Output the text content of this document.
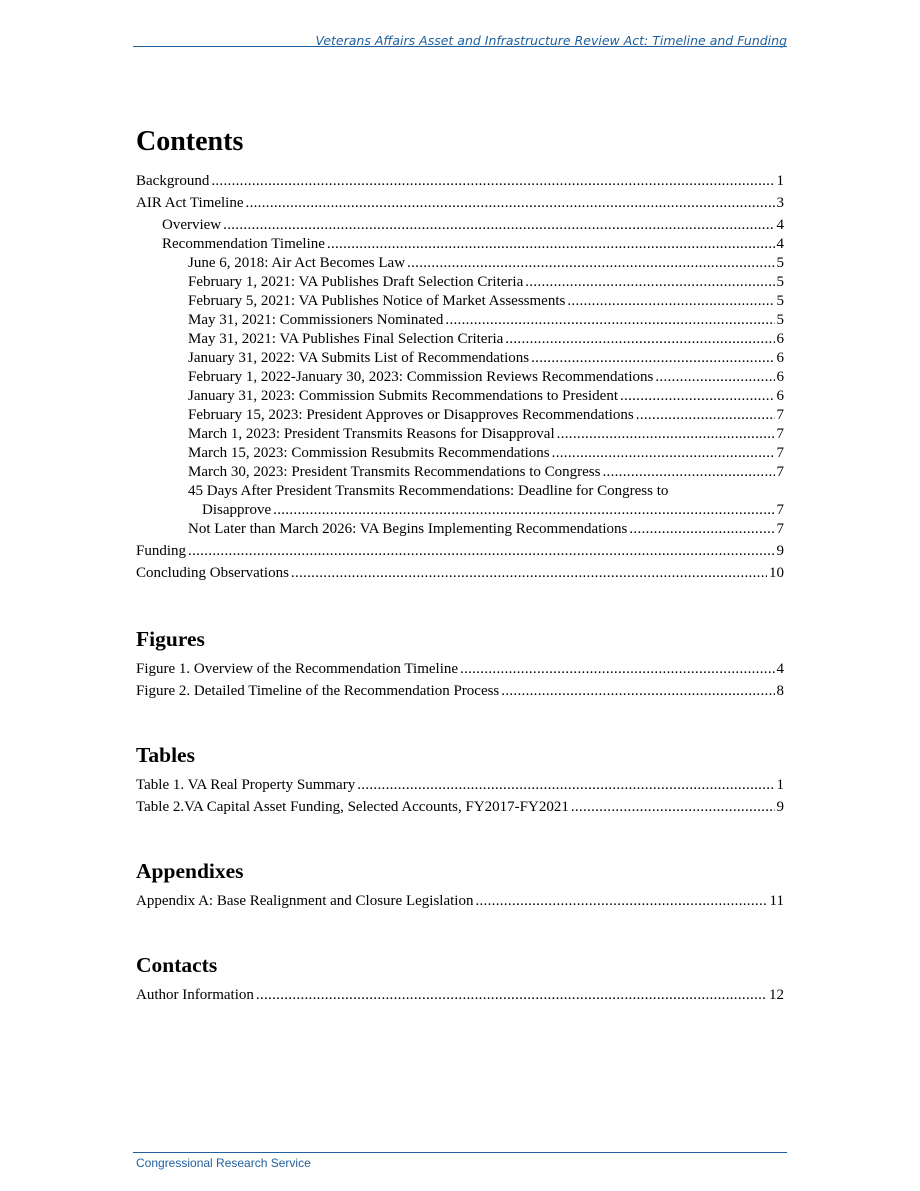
Veterans Affairs Asset and Infrastructure Review Act: Timeline and Funding
Contents
Background .....	1
AIR Act Timeline .....	3
Overview .....	4
Recommendation Timeline .....	4
June 6, 2018: Air Act Becomes Law .....	5
February 1, 2021: VA Publishes Draft Selection Criteria .....	5
February 5, 2021: VA Publishes Notice of Market Assessments .....	5
May 31, 2021: Commissioners Nominated .....	5
May 31, 2021: VA Publishes Final Selection Criteria .....	6
January 31, 2022: VA Submits List of Recommendations .....	6
February 1, 2022-January 30, 2023: Commission Reviews Recommendations .....	6
January 31, 2023: Commission Submits Recommendations to President .....	6
February 15, 2023: President Approves or Disapproves Recommendations .....	7
March 1, 2023: President Transmits Reasons for Disapproval .....	7
March 15, 2023: Commission Resubmits Recommendations .....	7
March 30, 2023: President Transmits Recommendations to Congress .....	7
45 Days After President Transmits Recommendations: Deadline for Congress to
Disapprove .....	7
Not Later than March 2026: VA Begins Implementing Recommendations .....	7
Funding .....	9
Concluding Observations .....	10
Figures
Figure 1. Overview of the Recommendation Timeline .....	4
Figure 2. Detailed Timeline of the Recommendation Process .....	8
Tables
Table 1. VA Real Property Summary .....	1
Table 2.VA Capital Asset Funding, Selected Accounts, FY2017-FY2021 .....	9
Appendixes
Appendix A: Base Realignment and Closure Legislation .....	11
Contacts
Author Information .....	12
Congressional Research Service
